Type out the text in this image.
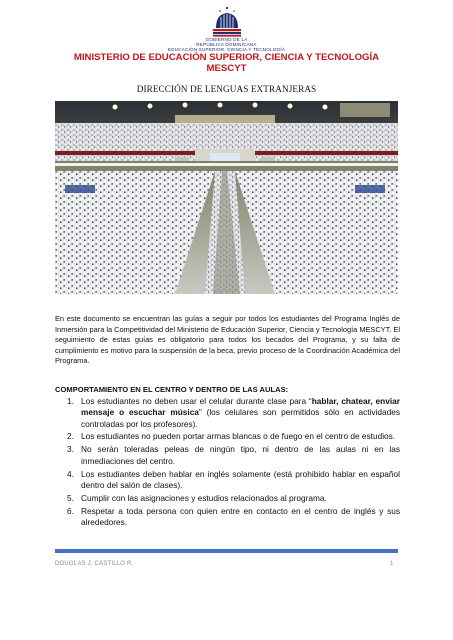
GOBIERNO DE LA
REPÚBLICA DOMINICANA
EDUCACIÓN SUPERIOR, CIENCIA Y TECNOLOGÍA
MINISTERIO DE EDUCACIÓN SUPERIOR, CIENCIA Y TECNOLOGÍA
MESCYT
DIRECCIÓN DE LENGUAS EXTRANJERAS
En este documento se encuentran las guías a seguir por todos los estudiantes del Programa Inglés de Inmersión para la Competitividad del Ministerio de Educación Superior, Ciencia y Tecnología MESCYT. El seguimiento de estas guías es obligatorio para todos los becados del Programa, y su falta de cumplimiento es motivo para la suspensión de la beca, previo proceso de la Coordinación Académica del Programa.
COMPORTAMIENTO EN EL CENTRO Y DENTRO DE LAS AULAS:
1. Los estudiantes no deben usar el celular durante clase para “hablar, chatear, enviar mensaje o escuchar música” (los celulares son permitidos sólo en actividades controladas por los profesores).
2. Los estudiantes no pueden portar armas blancas o de fuego en el centro de estudios.
3. No serán toleradas peleas de ningún tipo, ni dentro de las aulas ni en las inmediaciones del centro.
4. Los estudiantes deben hablar en inglés solamente (está prohibido hablar en español dentro del salón de clases).
5. Cumplir con las asignaciones y estudios relacionados al programa.
6. Respetar a toda persona con quien entre en contacto en el centro de inglés y sus alrededores.
DOUGLAS J. CASTILLO R.	1
